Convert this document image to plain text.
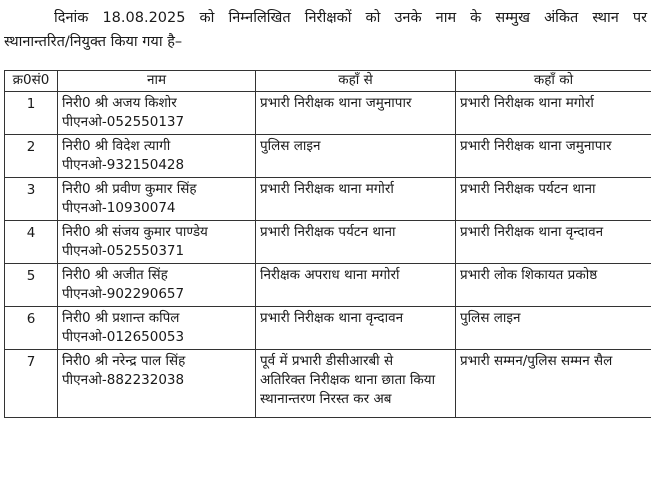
दिनांक 18.08.2025 को निम्नलिखित निरीक्षकों को उनके नाम के सम्मुख अंकित स्थान पर
स्थानान्तरित/नियुक्त किया गया है–
क्र0सं0	नाम	कहाँ से	कहाँ को
1	निरी0 श्री अजय किशोर
पीएनओ-052550137	प्रभारी निरीक्षक थाना जमुनापार	प्रभारी निरीक्षक थाना मगोर्रा
2	निरी0 श्री विदेश त्यागी
पीएनओ-932150428	पुलिस लाइन	प्रभारी निरीक्षक थाना जमुनापार
3	निरी0 श्री प्रवीण कुमार सिंह
पीएनओ-10930074	प्रभारी निरीक्षक थाना मगोर्रा	प्रभारी निरीक्षक पर्यटन थाना
4	निरी0 श्री संजय कुमार पाण्डेय
पीएनओ-052550371	प्रभारी निरीक्षक पर्यटन थाना	प्रभारी निरीक्षक थाना वृन्दावन
5	निरी0 श्री अजीत सिंह
पीएनओ-902290657	निरीक्षक अपराध थाना मगोर्रा	प्रभारी लोक शिकायत प्रकोष्ठ
6	निरी0 श्री प्रशान्त कपिल
पीएनओ-012650053	प्रभारी निरीक्षक थाना वृन्दावन	पुलिस लाइन
7	निरी0 श्री नरेन्द्र पाल सिंह
पीएनओ-882232038	पूर्व में प्रभारी डीसीआरबी से
अतिरिक्त निरीक्षक थाना छाता किया
स्थानान्तरण निरस्त कर अब	प्रभारी सम्मन/पुलिस सम्मन सैल
